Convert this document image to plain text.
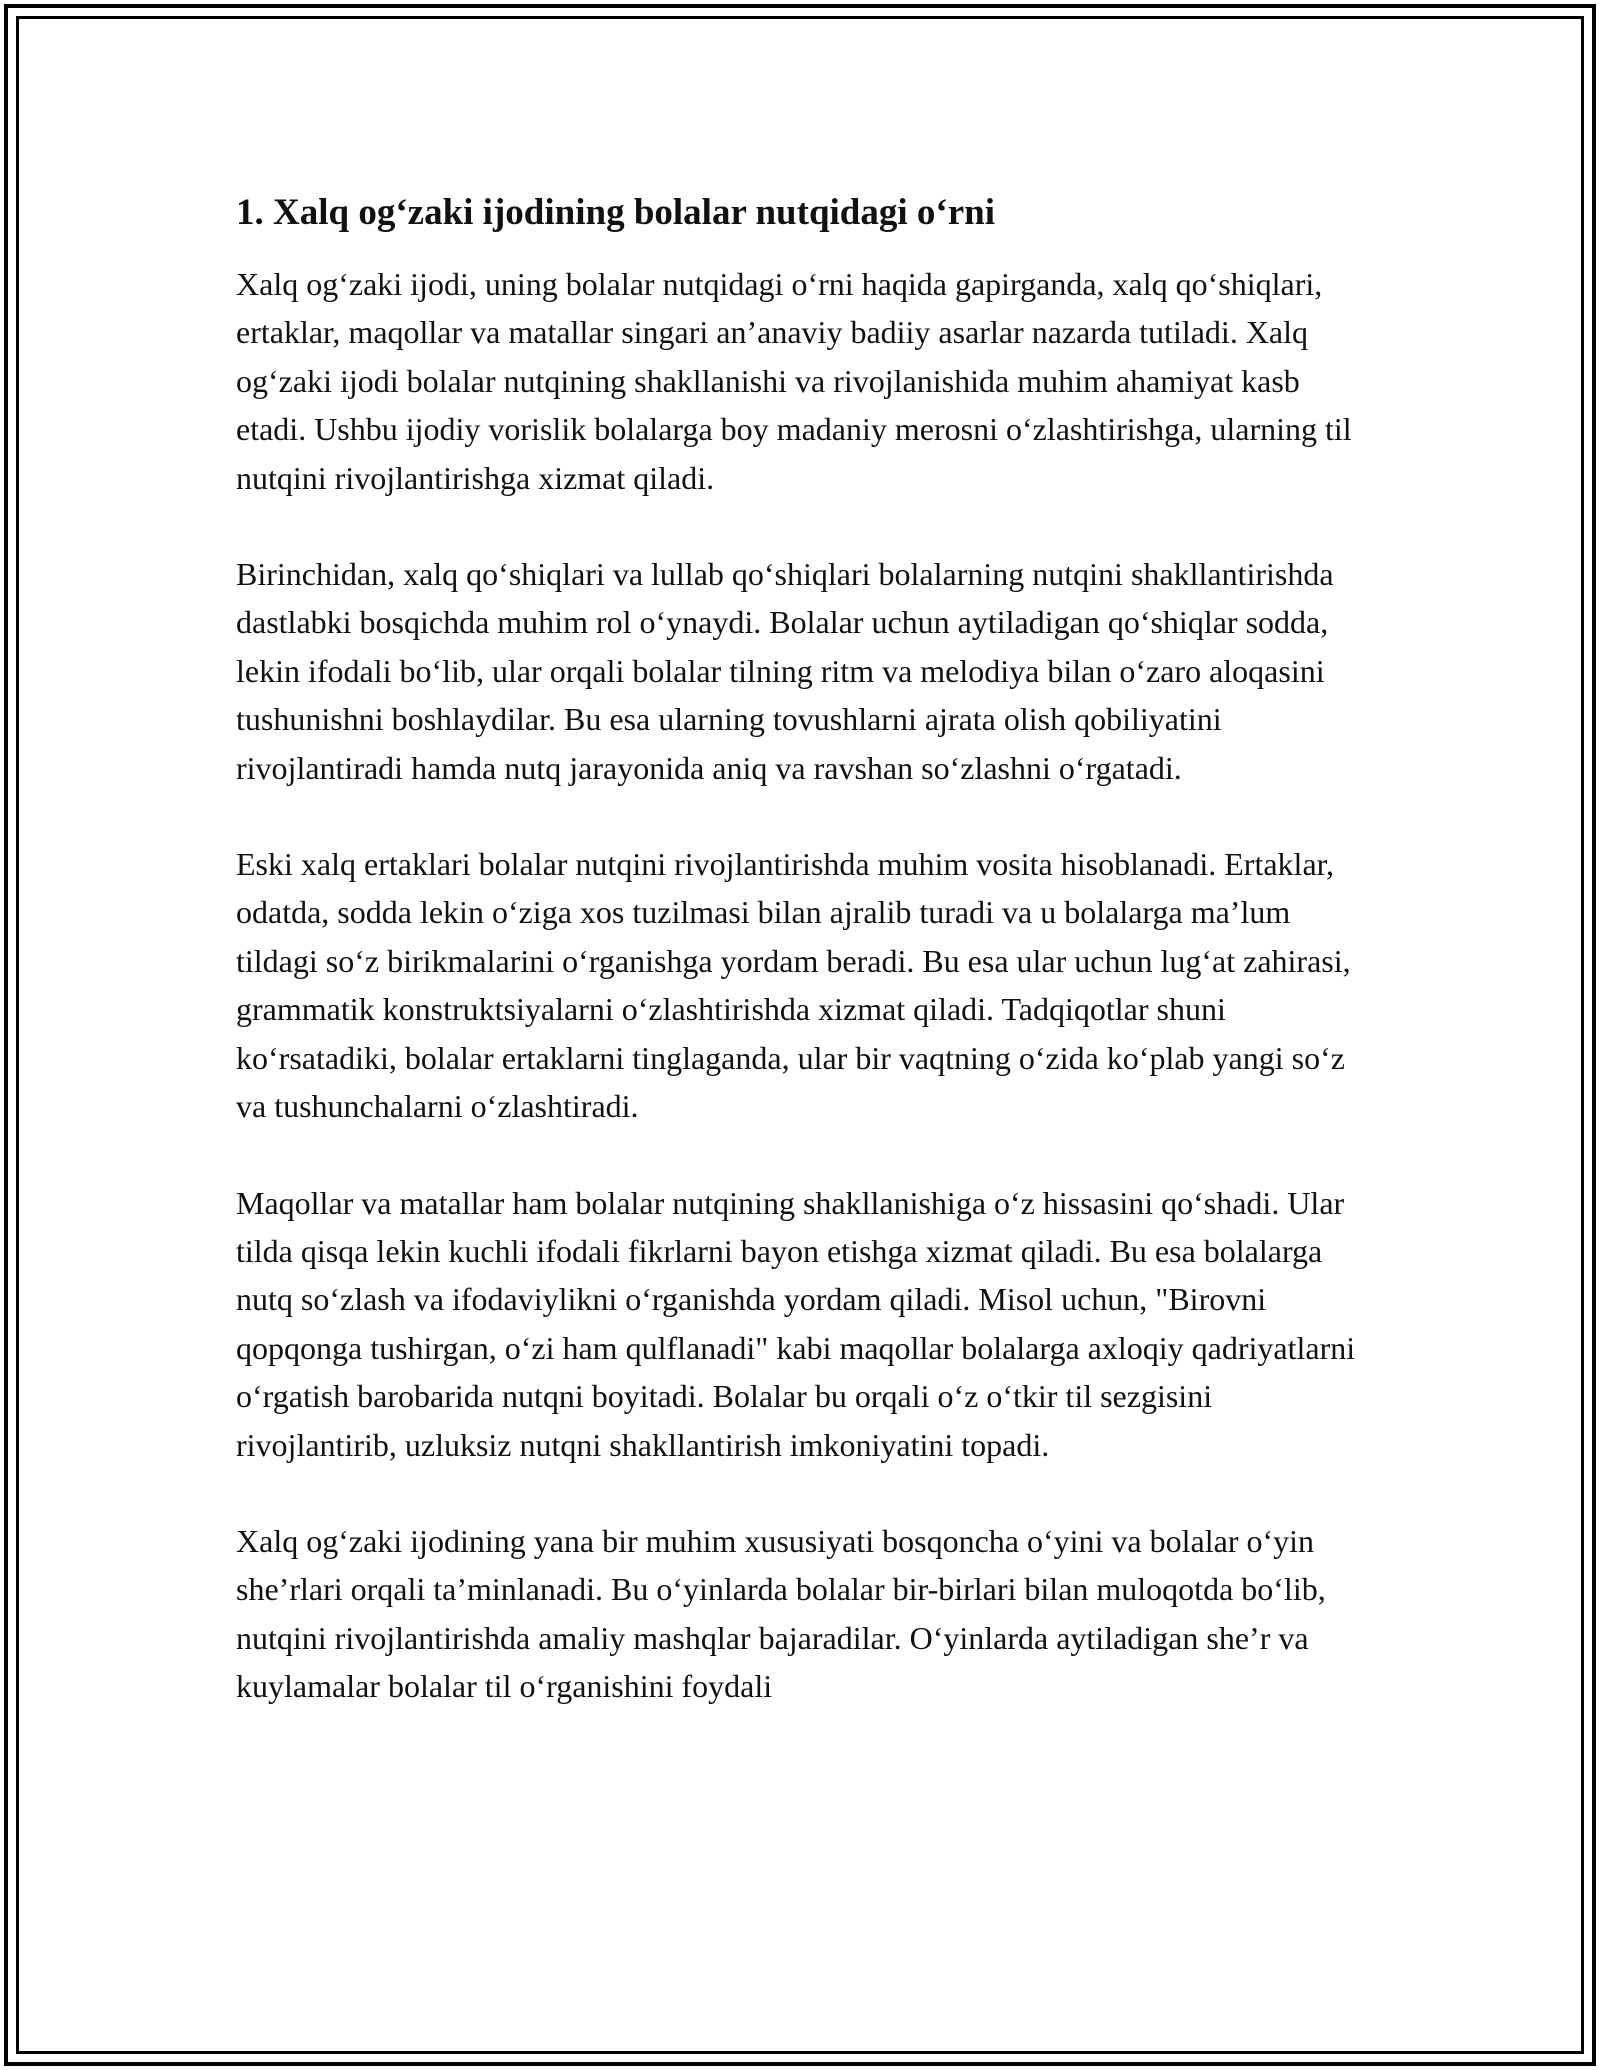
1. Xalq og‘zaki ijodining bolalar nutqidagi o‘rni

Xalq og‘zaki ijodi, uning bolalar nutqidagi o‘rni haqida gapirganda, xalq qo‘shiqlari, ertaklar, maqollar va matallar singari an’anaviy badiiy asarlar nazarda tutiladi. Xalq og‘zaki ijodi bolalar nutqining shakllanishi va rivojlanishida muhim ahamiyat kasb etadi. Ushbu ijodiy vorislik bolalarga boy madaniy merosni o‘zlashtirishga, ularning til nutqini rivojlantirishga xizmat qiladi.

Birinchidan, xalq qo‘shiqlari va lullab qo‘shiqlari bolalarning nutqini shakllantirishda dastlabki bosqichda muhim rol o‘ynaydi. Bolalar uchun aytiladigan qo‘shiqlar sodda, lekin ifodali bo‘lib, ular orqali bolalar tilning ritm va melodiya bilan o‘zaro aloqasini tushunishni boshlaydilar. Bu esa ularning tovushlarni ajrata olish qobiliyatini rivojlantiradi hamda nutq jarayonida aniq va ravshan so‘zlashni o‘rgatadi.

Eski xalq ertaklari bolalar nutqini rivojlantirishda muhim vosita hisoblanadi. Ertaklar, odatda, sodda lekin o‘ziga xos tuzilmasi bilan ajralib turadi va u bolalarga ma’lum tildagi so‘z birikmalarini o‘rganishga yordam beradi. Bu esa ular uchun lug‘at zahirasi, grammatik konstruktsiyalarni o‘zlashtirishda xizmat qiladi. Tadqiqotlar shuni ko‘rsatadiki, bolalar ertaklarni tinglaganda, ular bir vaqtning o‘zida ko‘plab yangi so‘z va tushunchalarni o‘zlashtiradi.

Maqollar va matallar ham bolalar nutqining shakllanishiga o‘z hissasini qo‘shadi. Ular tilda qisqa lekin kuchli ifodali fikrlarni bayon etishga xizmat qiladi. Bu esa bolalarga nutq so‘zlash va ifodaviylikni o‘rganishda yordam qiladi. Misol uchun, "Birovni qopqonga tushirgan, o‘zi ham qulflanadi" kabi maqollar bolalarga axloqiy qadriyatlarni o‘rgatish barobarida nutqni boyitadi. Bolalar bu orqali o‘z o‘tkir til sezgisini rivojlantirib, uzluksiz nutqni shakllantirish imkoniyatini topadi.

Xalq og‘zaki ijodining yana bir muhim xususiyati bosqoncha o‘yini va bolalar o‘yin she’rlari orqali ta’minlanadi. Bu o‘yinlarda bolalar bir-birlari bilan muloqotda bo‘lib, nutqini rivojlantirishda amaliy mashqlar bajaradilar. O‘yinlarda aytiladigan she’r va kuylamalar bolalar til o‘rganishini foydali
